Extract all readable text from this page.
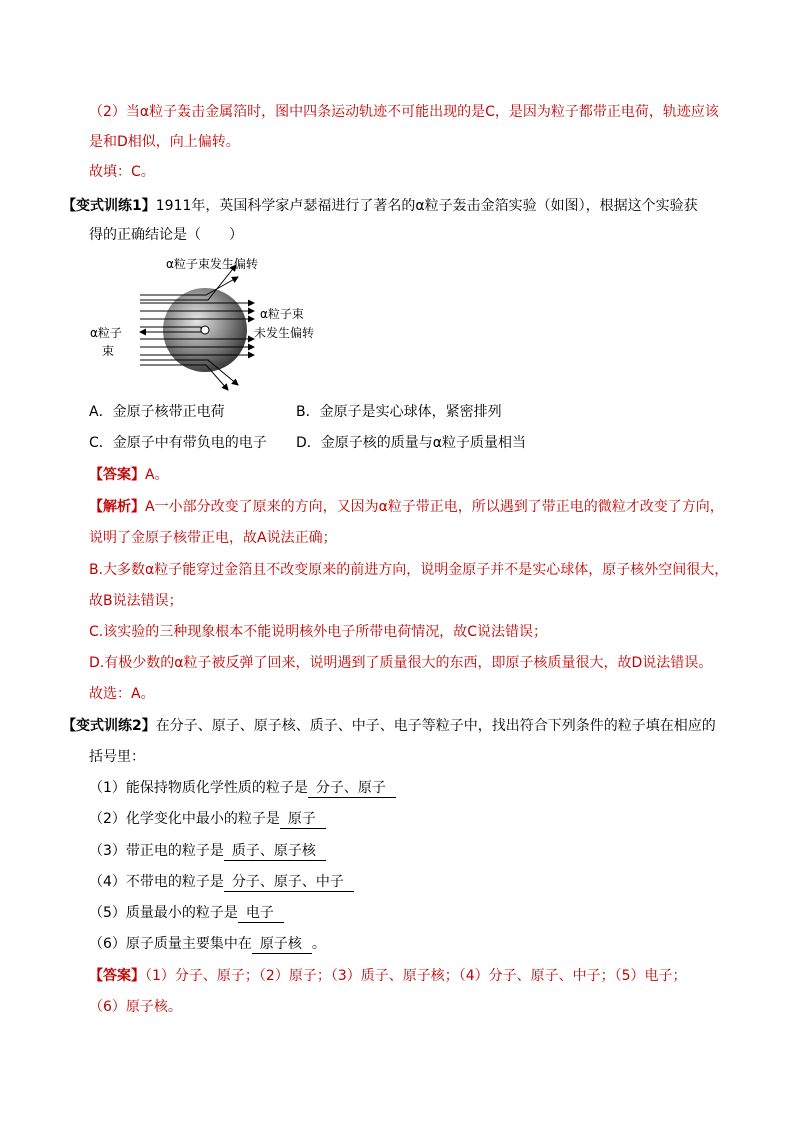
（2）当α粒子轰击金属箔时，图中四条运动轨迹不可能出现的是C，是因为粒子都带正电荷，轨迹应该
是和D相似，向上偏转。
故填：C。
【变式训练1】1911年，英国科学家卢瑟福进行了著名的α粒子轰击金箔实验（如图），根据这个实验获
得的正确结论是（　　）
α粒子束发生偏转
α粒子束
未发生偏转
α粒子
束
A．金原子核带正电荷	B．金原子是实心球体，紧密排列
C．金原子中有带负电的电子 D．金原子核的质量与α粒子质量相当
【答案】A。
【解析】A一小部分改变了原来的方向，又因为α粒子带正电，所以遇到了带正电的微粒才改变了方向，
说明了金原子核带正电，故A说法正确；
B.大多数α粒子能穿过金箔且不改变原来的前进方向，说明金原子并不是实心球体，原子核外空间很大，
故B说法错误；
C.该实验的三种现象根本不能说明核外电子所带电荷情况，故C说法错误；
D.有极少数的α粒子被反弹了回来，说明遇到了质量很大的东西，即原子核质量很大，故D说法错误。
故选：A。
【变式训练2】在分子、原子、原子核、质子、中子、电子等粒子中，找出符合下列条件的粒子填在相应的
括号里：
（1）能保持物质化学性质的粒子是 分子、原子
（2）化学变化中最小的粒子是 原子
（3）带正电的粒子是 质子、原子核
（4）不带电的粒子是 分子、原子、中子
（5）质量最小的粒子是 电子
（6）原子质量主要集中在 原子核 。
【答案】（1）分子、原子；（2）原子；（3）质子、原子核；（4）分子、原子、中子；（5）电子；
（6）原子核。
